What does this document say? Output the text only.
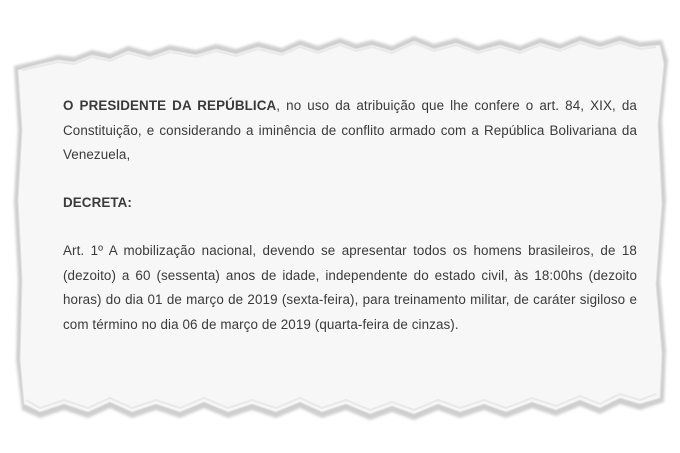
O PRESIDENTE DA REPÚBLICA, no uso da atribuição que lhe confere o art. 84, XIX, da Constituição, e considerando a iminência de conflito armado com a República Bolivariana da Venezuela,

DECRETA:

Art. 1º A mobilização nacional, devendo se apresentar todos os homens brasileiros, de 18 (dezoito) a 60 (sessenta) anos de idade, independente do estado civil, às 18:00hs (dezoito horas) do dia 01 de março de 2019 (sexta-feira), para treinamento militar, de caráter sigiloso e com término no dia 06 de março de 2019 (quarta-feira de cinzas).
